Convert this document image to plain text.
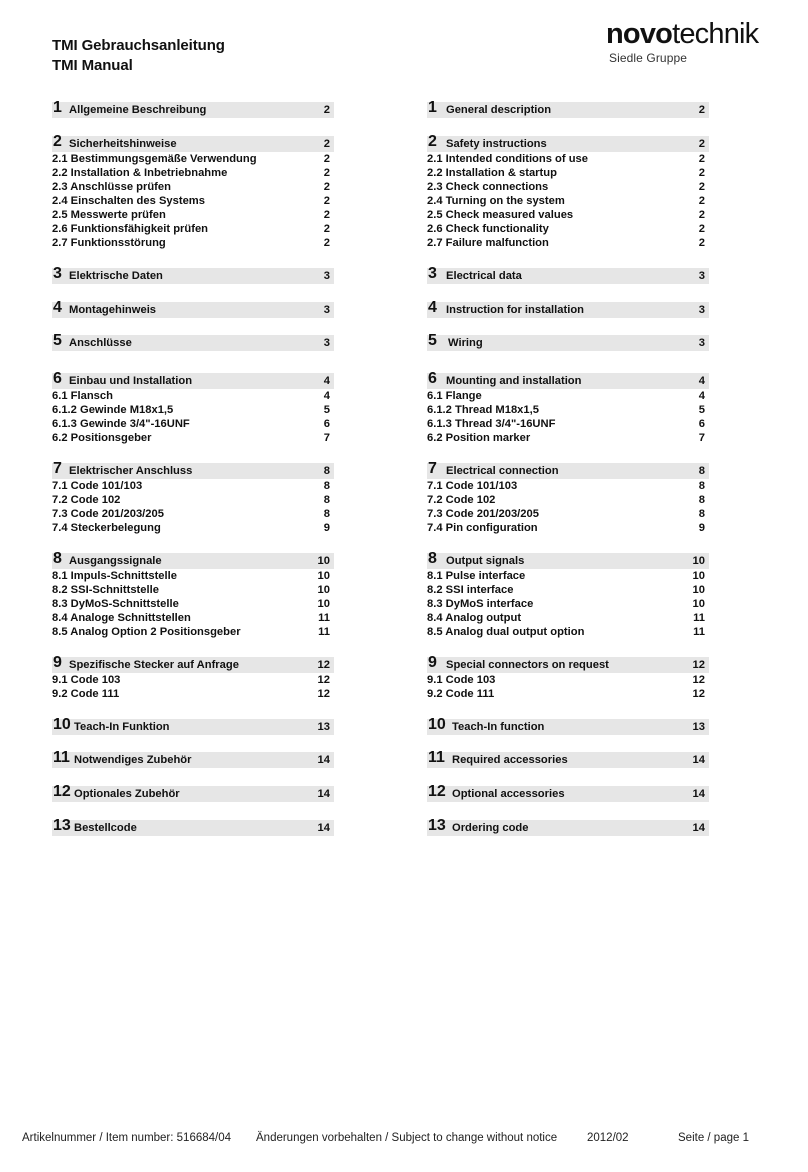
TMI Gebrauchsanleitung
TMI Manual
novotechnik
Siedle Gruppe
1 Allgemeine Beschreibung	2
2 Sicherheitshinweise	2
2.1 Bestimmungsgemäße Verwendung	2
2.2 Installation & Inbetriebnahme	2
2.3 Anschlüsse prüfen	2
2.4 Einschalten des Systems	2
2.5 Messwerte prüfen	2
2.6 Funktionsfähigkeit prüfen	2
2.7 Funktionsstörung	2
3 Elektrische Daten	3
4 Montagehinweis	3
5 Anschlüsse	3
6 Einbau und Installation	4
6.1 Flansch	4
6.1.2 Gewinde M18x1,5	5
6.1.3 Gewinde 3/4"-16UNF	6
6.2 Positionsgeber	7
7 Elektrischer Anschluss	8
7.1 Code 101/103	8
7.2 Code 102	8
7.3 Code 201/203/205	8
7.4 Steckerbelegung	9
8 Ausgangssignale	10
8.1 Impuls-Schnittstelle	10
8.2 SSI-Schnittstelle	10
8.3 DyMoS-Schnittstelle	10
8.4 Analoge Schnittstellen	11
8.5 Analog Option 2 Positionsgeber	11
9 Spezifische Stecker auf Anfrage	12
9.1 Code 103	12
9.2 Code 111	12
10 Teach-In Funktion	13
11 Notwendiges Zubehör	14
12 Optionales Zubehör	14
13 Bestellcode	14
1 General description	2
2 Safety instructions	2
2.1 Intended conditions of use	2
2.2 Installation & startup	2
2.3 Check connections	2
2.4 Turning on the system	2
2.5 Check measured values	2
2.6 Check functionality	2
2.7 Failure malfunction	2
3 Electrical data	3
4 Instruction for installation	3
5 Wiring	3
6 Mounting and installation	4
6.1 Flange	4
6.1.2 Thread M18x1,5	5
6.1.3 Thread 3/4"-16UNF	6
6.2 Position marker	7
7 Electrical connection	8
7.1 Code 101/103	8
7.2 Code 102	8
7.3 Code 201/203/205	8
7.4 Pin configuration	9
8 Output signals	10
8.1 Pulse interface	10
8.2 SSI interface	10
8.3 DyMoS interface	10
8.4 Analog output	11
8.5 Analog dual output option	11
9 Special connectors on request	12
9.1 Code 103	12
9.2 Code 111	12
10 Teach-In function	13
11 Required accessories	14
12 Optional accessories	14
13 Ordering code	14
Artikelnummer / Item number: 516684/04 Änderungen vorbehalten / Subject to change without notice	2012/02	Seite / page 1
